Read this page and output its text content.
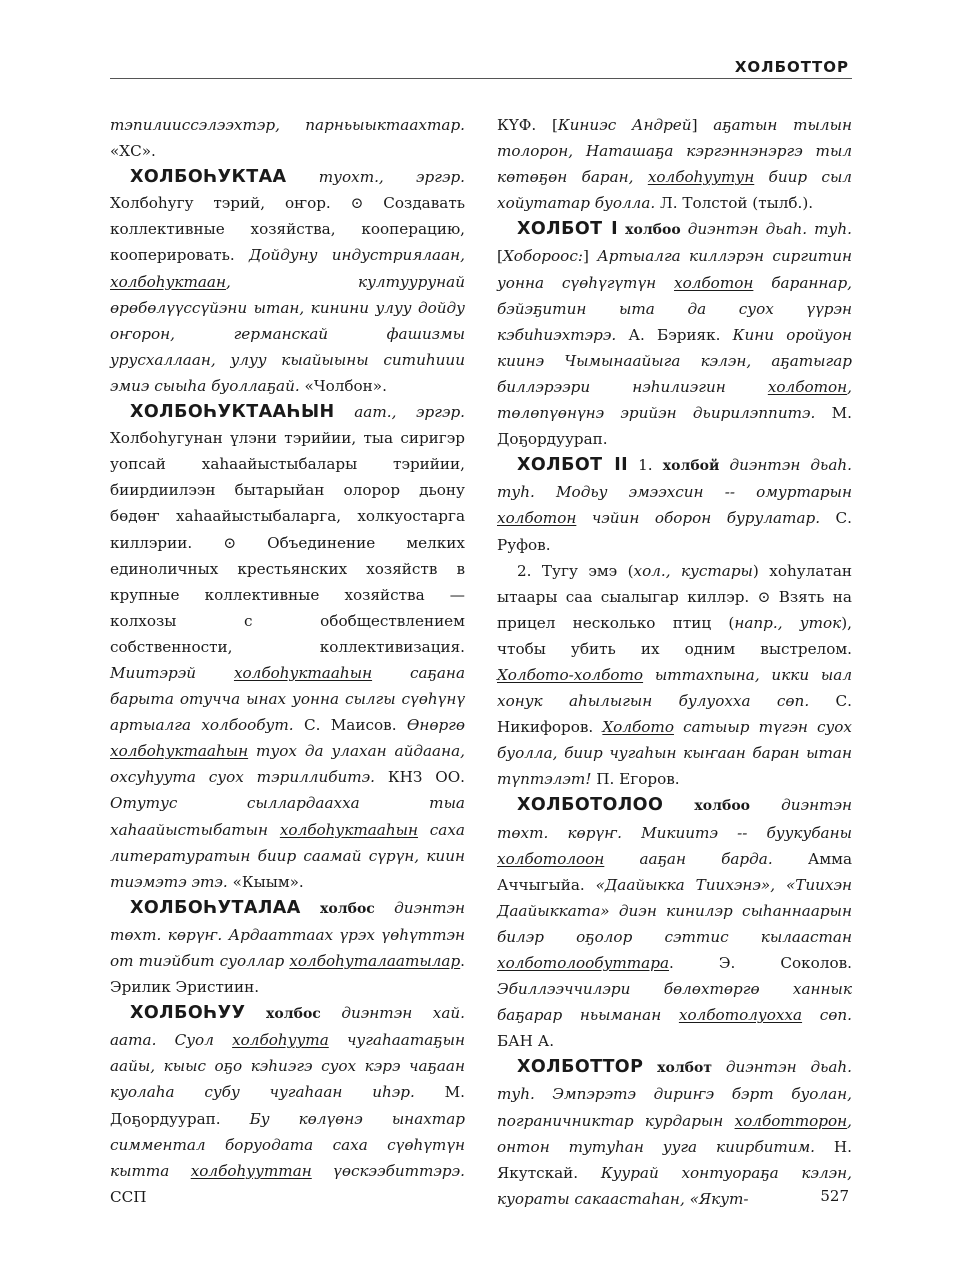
ХОЛБОТТОР

тэпилиисcэлээхтэр, парньыыктаахтар. «ХС».

ХОЛБОҺУКТАА туохт., эргэр. Холбоһугу тэрий, оҥор. ⊙ Создавать коллективные хозяйства, кооперацию, кооперировать. Дойдуну индустриялаан, холбоһуктаан, култуурунай өрөбөлүүсcүйэни ытан, кинини улуу дойду оҥорон, германскай фашизмы урусхаллаан, улуу кыайыыны ситиһиии эмиэ сыыһа буоллаҕай. «Чолбон».

ХОЛБОҺУКТААҺЫН аат., эргэр. Холбоһугунан үлэни тэрийии, тыа сиригэр уопсай хаһаайыстыбалары тэрийии, биирдиилээн бытарыйан олорор дьону бөдөҥ хаһаайыстыбаларга, холкуостарга киллэрии. ⊙ Объединение мелких единоличных крестьянских хозяйств в крупные коллективные хозяйства — колхозы с обобществлением собственности, коллективизация. Миитэрэй холбоһуктааһын саҕана барыта отучча ынах уонна сылгы сүөһүнү артыалга холбообут. С. Маисов. Өнөргө холбоһуктааһын туох да улахан айдаана, охсуһуута суох тэриллибитэ. КНЗ ОО. Отутус сыллардаахха тыа хаһаайыстыбатын холбоһуктааһын саха литературатын биир саамай сүрүн, киин тиэмэтэ этэ. «Кыым».

ХОЛБОҺУТАЛАА холбос диэнтэн төхт. көрүҥ. Ардааттаах үрэх үөһүттэн от тиэйбит суоллар холбоһуталаатылар. Эрилик Эристиин.

ХОЛБОҺУУ холбос диэнтэн хай. аата. Суол холбоһуута чугаһаатаҕын аайы, кыыс оҕо кэһиэгэ суох кэрэ чаҕаан куолаһа субу чугаһаан иһэр. М. Доҕордуурап. Бу көлүөнэ ынахтар симментал боруодата саха сүөһүтүн кытта холбоһууттан үөскээбиттэрэ. ССП

КҮФ. [Киниэс Андрей] аҕатын тылын толорон, Наташаҕа кэргэннэнэргэ тыл көтөҕөн баран, холбоһуутун биир сыл хойутатар буолла. Л. Толстой (тылб.).

ХОЛБОТ I холбоо диэнтэн дьаһ. туһ. [Хобороос:] Артыалга киллэрэн сиргитин уонна сүөһүгүтүн холботон бараннар, бэйэҕитин ыта да суох үүрэн кэбиһиэхтэрэ. А. Бэрияк. Кини оройуон киинэ Чымынаайыга кэлэн, аҕатыгар биллэрээри нэһилиэгин холботон, төлөпүөнүнэ эрийэн дьирилэппитэ. М. Доҕордуурап.

ХОЛБОТ II 1. холбой диэнтэн дьаһ. туһ. Модьу эмээхсин -- омуртарын холботон чэйин оборон бурулатар. С. Руфов.

2. Тугу эмэ (хол., кустары) хоһулатан ытаары саа сыалыгар киллэр. ⊙ Взять на прицел несколько птиц (напр., уток), чтобы убить их одним выстрелом. Холбото-холбото ыттахпына, икки ыал хонук аһылыгын булуохха сөп. С. Никифоров. Холбото сатыыр түгэн суох буолла, биир чугаһын кыҥаан баран ытан түптэлэт! П. Егоров.

ХОЛБОТОЛОО холбоо диэнтэн төхт. көрүҥ. Микиитэ -- буукубаны холботолоон ааҕан барда. Амма Аччыгыйа. «Даайыкка Тиихэнэ», «Тиихэн Даайыккатa» диэн кинилэр сыһаннаарын билэр оҕолор сэттис кылаастан холботолообуттара. Э. Соколов. Эбиллээччилэри бөлөхтөргө ханнык баҕарар ньыманан холботолуохха сөп. БАН А.

ХОЛБОТТОР холбот диэнтэн дьаһ. туһ. Эмпэрэтэ дириҥэ бэрт буолан, пограничниктар курдарын холботторон, онтон тутуһан ууга киирбитим. Н. Якутскай. Куурай хонтуораҕа кэлэн, куораты сакаастаһан, «Якут-	527
